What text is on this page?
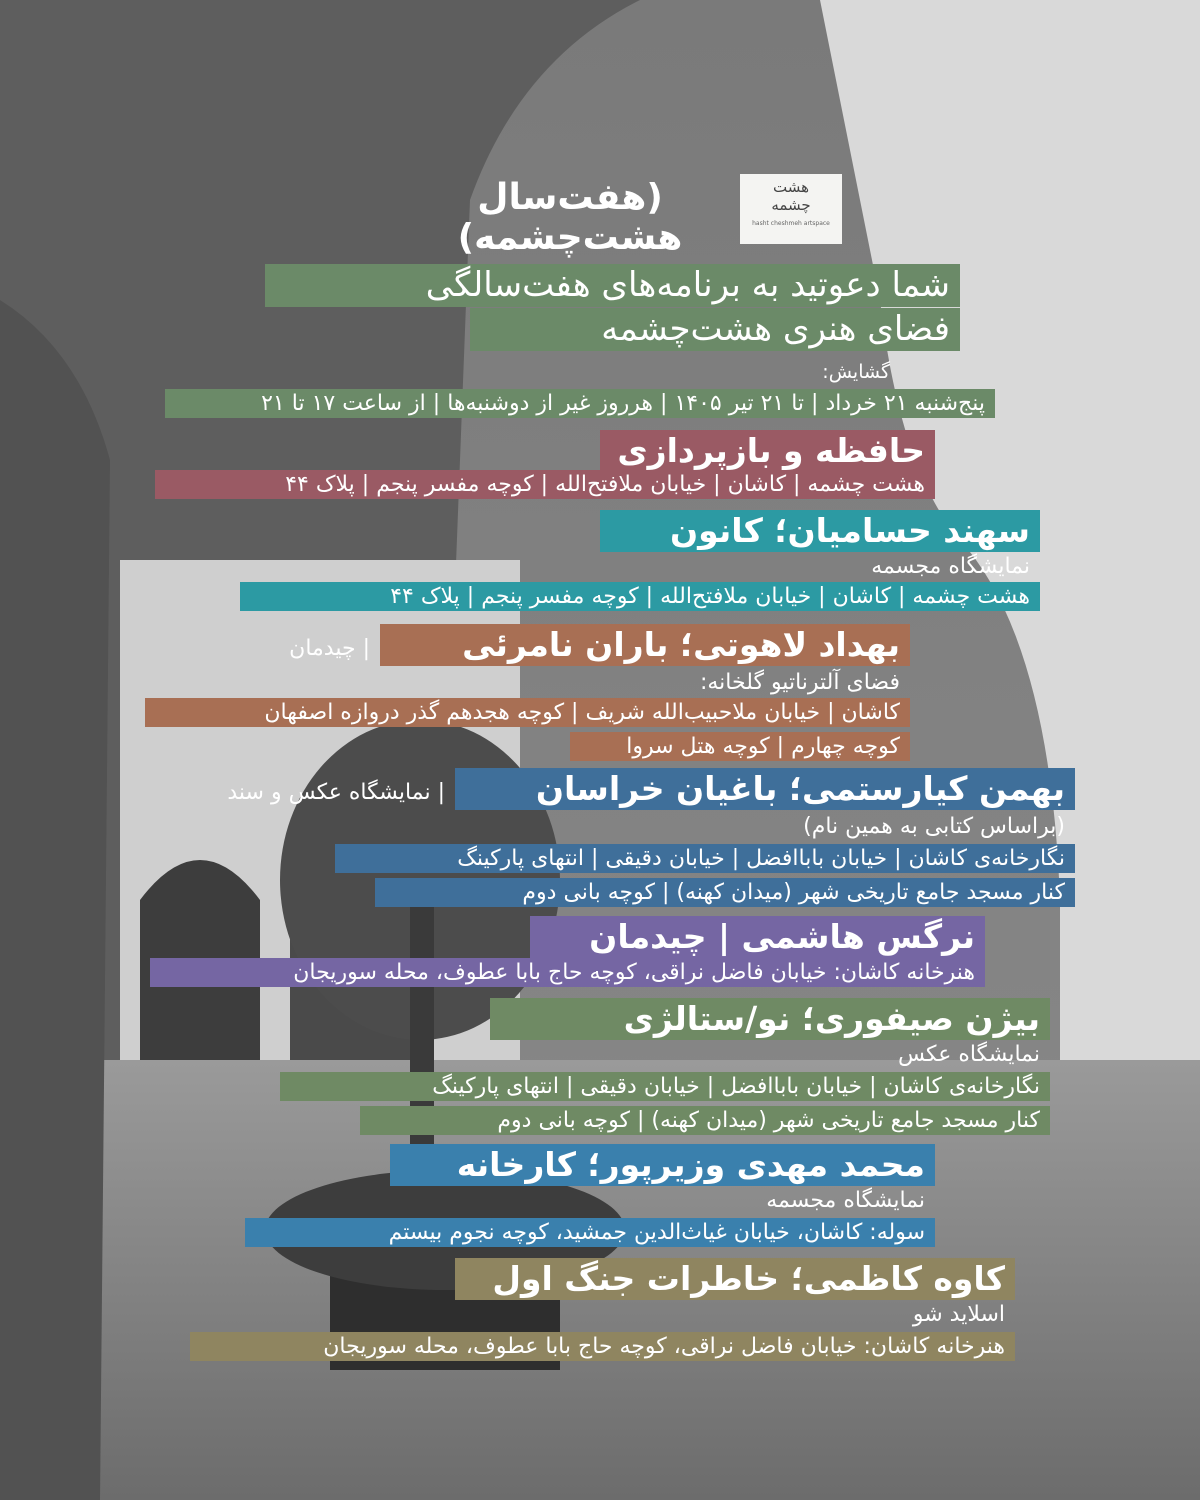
(هفت‌سال
هشت‌چشمه)
هشت
چشمه
hasht cheshmeh artspace
شما دعوتید به برنامه‌های هفت‌سالگی
فضای هنری هشت‌چشمه
گشایش:
پنج‌شنبه ۲۱ خرداد | تا ۲۱ تیر ۱۴۰۵ | هرروز غیر از دوشنبه‌ها | از ساعت ۱۷ تا ۲۱
حافظه و بازپردازی
هشت چشمه | کاشان | خیابان ملافتح‌الله | کوچه مفسر پنجم | پلاک ۴۴
سهند حسامیان؛ کانون
نمایشگاه مجسمه
هشت چشمه | کاشان | خیابان ملافتح‌الله | کوچه مفسر پنجم | پلاک ۴۴
بهداد لاهوتی؛ باران نامرئی
| چیدمان
فضای آلترناتیو گلخانه:
کاشان | خیابان ملاحبیب‌الله شریف | کوچه هجدهم گذر دروازه اصفهان
کوچه چهارم | کوچه هتل سروا
بهمن کیارستمی؛ باغیان خراسان
| نمایشگاه عکس و سند
(براساس کتابی به همین نام)
نگارخانه‌ی کاشان | خیابان باباافضل | خیابان دقیقی | انتهای پارکینگ
کنار مسجد جامع تاریخی شهر (میدان کهنه) | کوچه بانی دوم
نرگس هاشمی | چیدمان
هنرخانه کاشان: خیابان فاضل نراقی، کوچه حاج بابا عطوف، محله سوریجان
بیژن صیفوری؛ نو/ستالژی
نمایشگاه عکس
نگارخانه‌ی کاشان | خیابان باباافضل | خیابان دقیقی | انتهای پارکینگ
کنار مسجد جامع تاریخی شهر (میدان کهنه) | کوچه بانی دوم
محمد مهدی وزیرپور؛ کارخانه
نمایشگاه مجسمه
سوله: کاشان، خیابان غیاث‌الدین جمشید، کوچه نجوم بیستم
کاوه کاظمی؛ خاطرات جنگ اول
اسلاید شو
هنرخانه کاشان: خیابان فاضل نراقی، کوچه حاج بابا عطوف، محله سوریجان
